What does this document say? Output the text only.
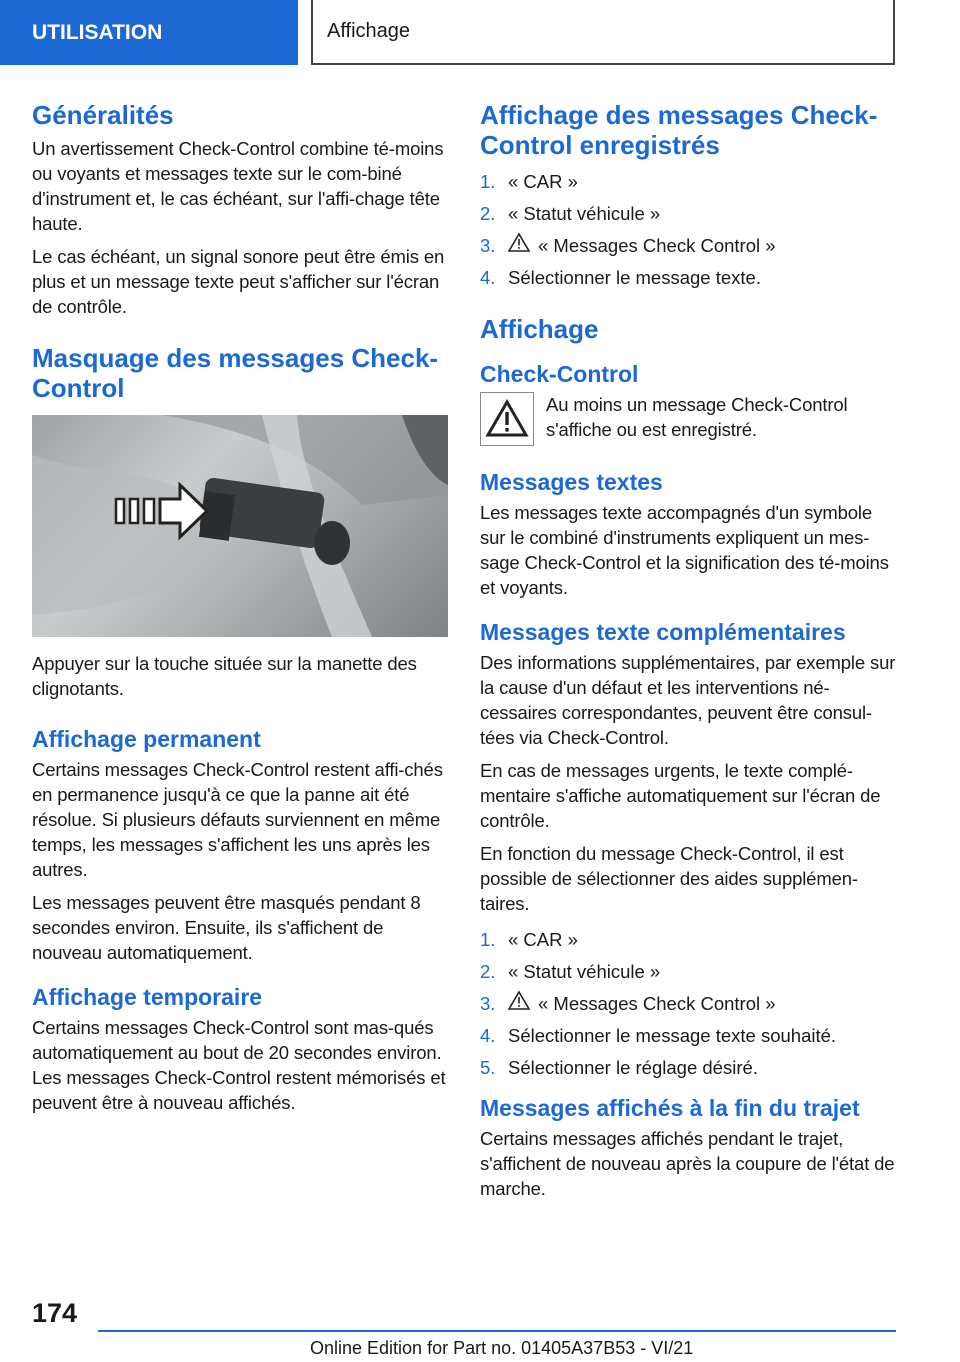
UTILISATION	Affichage
Généralités

Un avertissement Check-Control combine té-moins ou voyants et messages texte sur le com-biné d'instrument et, le cas échéant, sur l'affi-chage tête haute.

Le cas échéant, un signal sonore peut être émis en plus et un message texte peut s'afficher sur l'écran de contrôle.

Masquage des messages Check-Control

Appuyer sur la touche située sur la manette des clignotants.

Affichage permanent

Certains messages Check-Control restent affi-chés en permanence jusqu'à ce que la panne ait été résolue. Si plusieurs défauts surviennent en même temps, les messages s'affichent les uns après les autres.

Les messages peuvent être masqués pendant 8 secondes environ. Ensuite, ils s'affichent de nouveau automatiquement.

Affichage temporaire

Certains messages Check-Control sont mas-qués automatiquement au bout de 20 secondes environ. Les messages Check-Control restent mémorisés et peuvent être à nouveau affichés.

Affichage des messages Check-Control enregistrés
1. « CAR »
2. « Statut véhicule »
3.	« Messages Check Control »
4. Sélectionner le message texte.
Affichage
Check-Control

Au moins un message Check-Control s'affiche ou est enregistré.

Messages textes

Les messages texte accompagnés d'un symbole sur le combiné d'instruments expliquent un mes-sage Check-Control et la signification des té-moins et voyants.

Messages texte complémentaires

Des informations supplémentaires, par exemple sur la cause d'un défaut et les interventions né-cessaires correspondantes, peuvent être consul-tées via Check-Control.

En cas de messages urgents, le texte complé-mentaire s'affiche automatiquement sur l'écran de contrôle.

En fonction du message Check-Control, il est possible de sélectionner des aides supplémen-taires.

1. « CAR »
2. « Statut véhicule »
3.	« Messages Check Control »
4. Sélectionner le message texte souhaité.
5. Sélectionner le réglage désiré.
Messages affichés à la fin du trajet

Certains messages affichés pendant le trajet, s'affichent de nouveau après la coupure de l'état de marche.

174
Online Edition for Part no. 01405A37B53 - VI/21
